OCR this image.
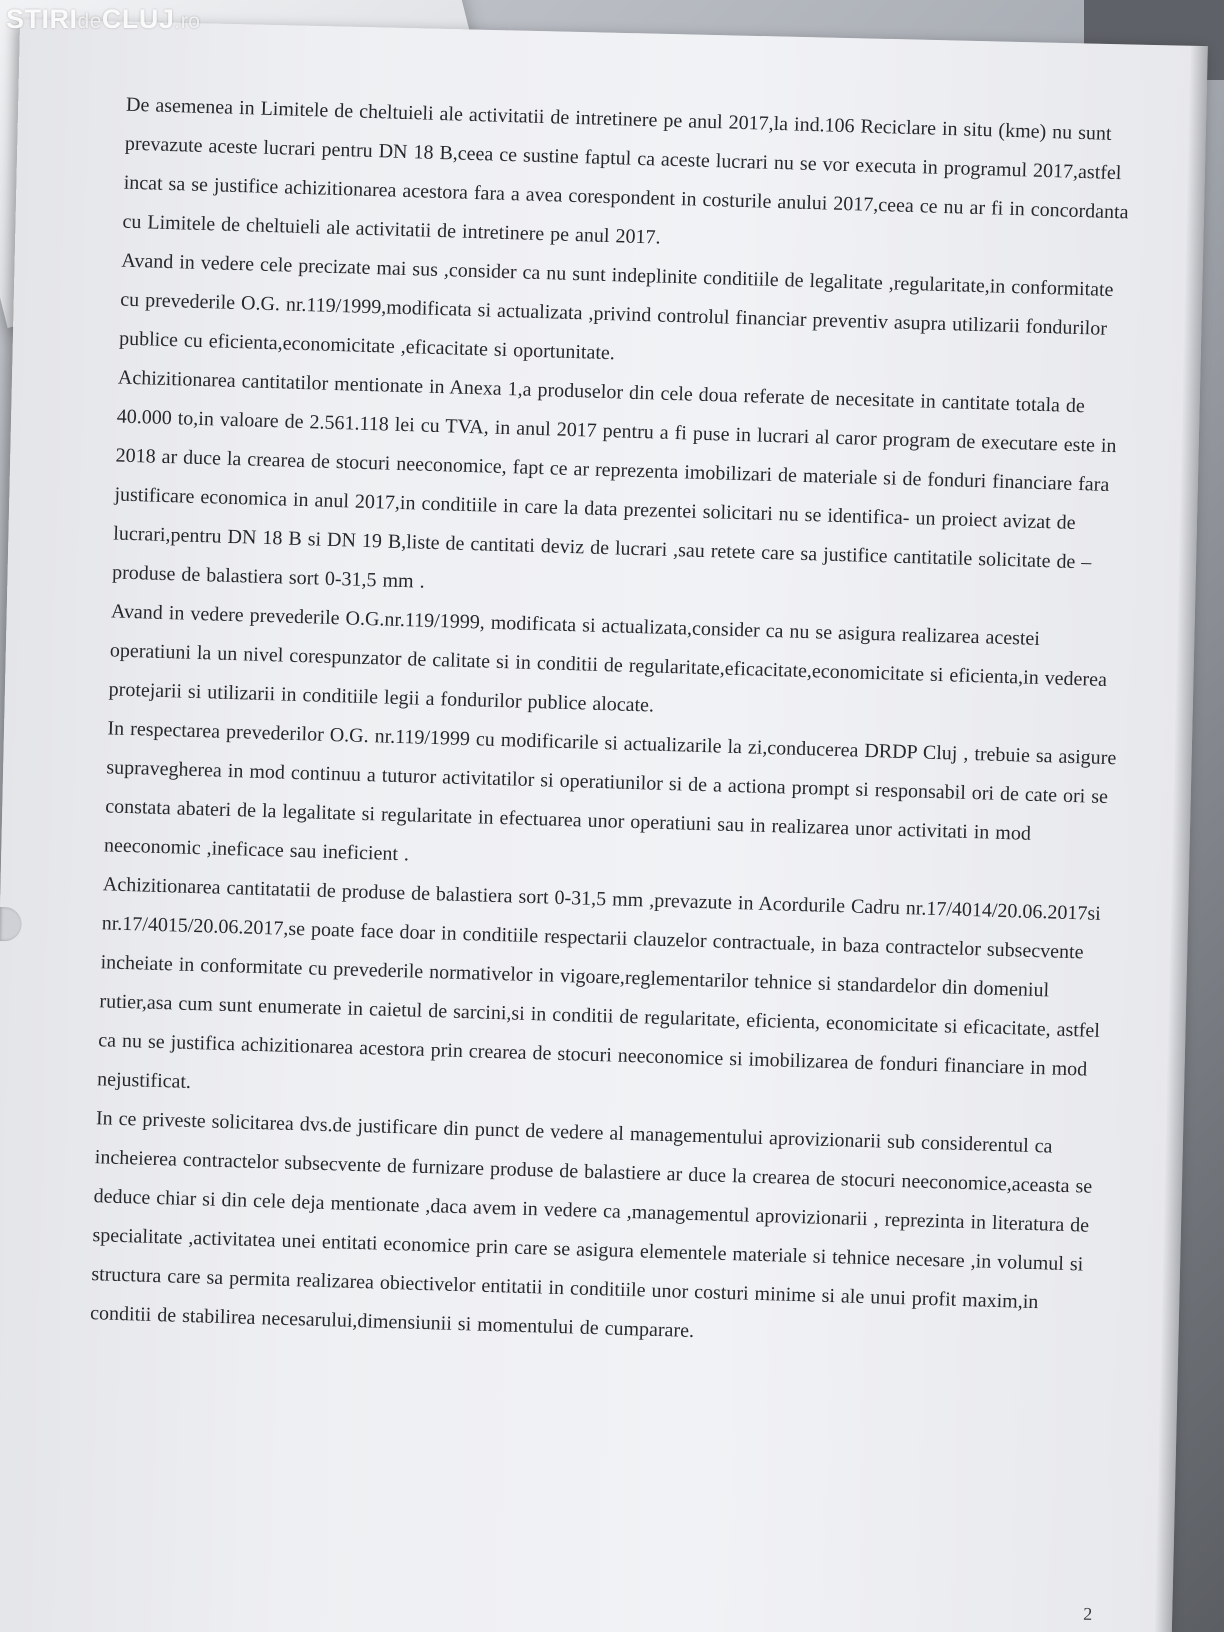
STIRIdeCLUJ.ro

De asemenea in Limitele de cheltuieli ale activitatii de intretinere pe anul 2017,la ind.106 Reciclare in situ (kme) nu sunt prevazute aceste lucrari pentru DN 18 B,ceea ce sustine faptul ca aceste lucrari nu se vor executa in programul 2017,astfel incat sa se justifice achizitionarea acestora fara a avea corespondent in costurile anului 2017,ceea ce nu ar fi in concordanta cu Limitele de cheltuieli ale activitatii de intretinere pe anul 2017.

Avand in vedere cele precizate mai sus ,consider ca nu sunt indeplinite conditiile de legalitate ,regularitate,in conformitate cu prevederile O.G. nr.119/1999,modificata si actualizata ,privind controlul financiar preventiv asupra utilizarii fondurilor publice cu eficienta,economicitate ,eficacitate si oportunitate.

Achizitionarea cantitatilor mentionate in Anexa 1,a produselor din cele doua referate de necesitate in cantitate totala de 40.000 to,in valoare de 2.561.118 lei cu TVA, in anul 2017 pentru a fi puse in lucrari al caror program de executare este in 2018 ar duce la crearea de stocuri neeconomice, fapt ce ar reprezenta imobilizari de materiale si de fonduri financiare fara justificare economica in anul 2017,in conditiile in care la data prezentei solicitari nu se identifica- un proiect avizat de lucrari,pentru DN 18 B si DN 19 B,liste de cantitati deviz de lucrari ,sau retete care sa justifice cantitatile solicitate de –produse de balastiera sort 0-31,5 mm .

Avand in vedere prevederile O.G.nr.119/1999, modificata si actualizata,consider ca nu se asigura realizarea acestei operatiuni la un nivel corespunzator de calitate si in conditii de regularitate,eficacitate,economicitate si eficienta,in vederea protejarii si utilizarii in conditiile legii a fondurilor publice alocate.

In respectarea prevederilor O.G. nr.119/1999 cu modificarile si actualizarile la zi,conducerea DRDP Cluj , trebuie sa asigure supravegherea in mod continuu a tuturor activitatilor si operatiunilor si de a actiona prompt si responsabil ori de cate ori se constata abateri de la legalitate si regularitate in efectuarea unor operatiuni sau in realizarea unor activitati in mod neeconomic ,ineficace sau ineficient .

Achizitionarea cantitatatii de produse de balastiera sort 0-31,5 mm ,prevazute in Acordurile Cadru nr.17/4014/20.06.2017si nr.17/4015/20.06.2017,se poate face doar in conditiile respectarii clauzelor contractuale, in baza contractelor subsecvente incheiate in conformitate cu prevederile normativelor in vigoare,reglementarilor tehnice si standardelor din domeniul rutier,asa cum sunt enumerate in caietul de sarcini,si in conditii de regularitate, eficienta, economicitate si eficacitate, astfel ca nu se justifica achizitionarea acestora prin crearea de stocuri neeconomice si imobilizarea de fonduri financiare in mod nejustificat.

In ce priveste solicitarea dvs.de justificare din punct de vedere al managementului aprovizionarii sub considerentul ca incheierea contractelor subsecvente de furnizare produse de balastiere ar duce la crearea de stocuri neeconomice,aceasta se deduce chiar si din cele deja mentionate ,daca avem in vedere ca ,managementul aprovizionarii , reprezinta in literatura de specialitate ,activitatea unei entitati economice prin care se asigura elementele materiale si tehnice necesare ,in volumul si structura care sa permita realizarea obiectivelor entitatii in conditiile unor costuri minime si ale unui profit maxim,in conditii de stabilirea necesarului,dimensiunii si momentului de cumparare.

2
